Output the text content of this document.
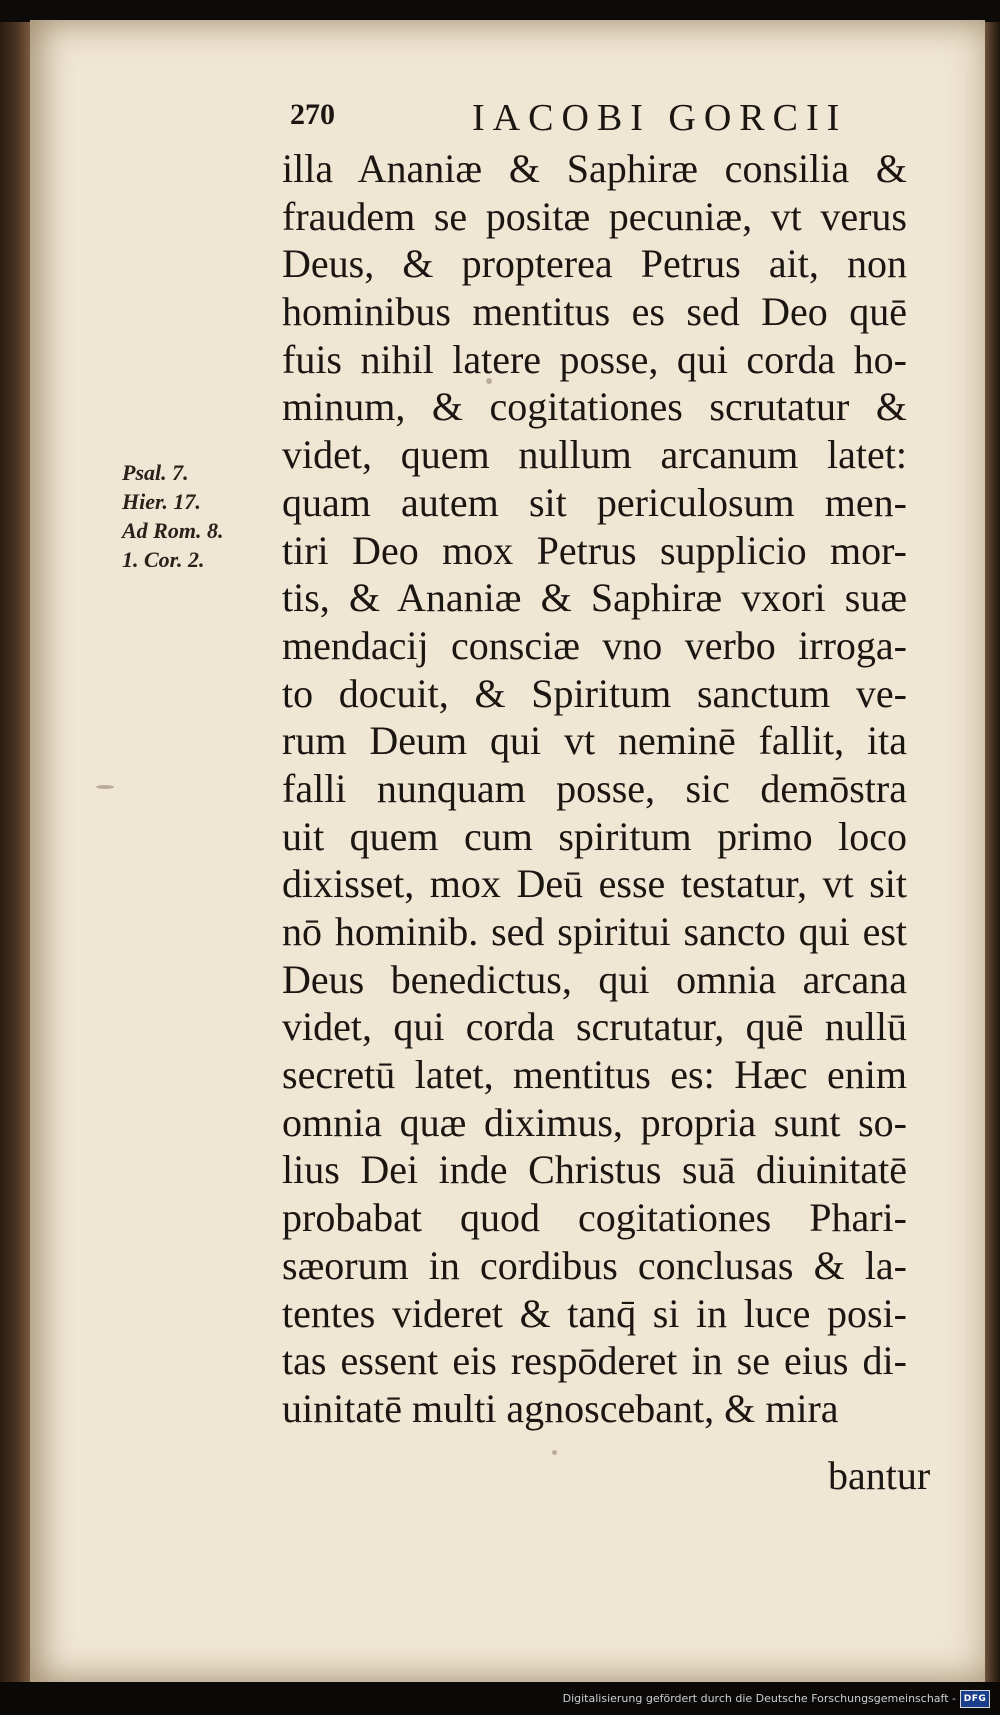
270	IACOBI GORCII
Psal. 7.
Hier. 17.
Ad Rom. 8.
1. Cor. 2.
illa Ananiæ & Saphiræ consilia &
fraudem se positæ pecuniæ, vt verus
Deus, & propterea Petrus ait, non
hominibus mentitus es sed Deo quē
fuis nihil latere posse, qui corda ho-
minum, & cogitationes scrutatur &
videt, quem nullum arcanum latet:
quam autem sit periculosum men-
tiri Deo mox Petrus supplicio mor-
tis, & Ananiæ & Saphiræ vxori suæ
mendacij consciæ vno verbo irroga-
to docuit, & Spiritum sanctum ve-
rum Deum qui vt neminē fallit, ita
falli nunquam posse, sic demōstra
uit quem cum spiritum primo loco
dixisset, mox Deū esse testatur, vt sit
nō hominib. sed spiritui sancto qui est
Deus benedictus, qui omnia arcana
videt, qui corda scrutatur, quē nullū
secretū latet, mentitus es: Hæc enim
omnia quæ diximus, propria sunt so-
lius Dei inde Christus suā diuinitatē
probabat quod cogitationes Phari-
sæorum in cordibus conclusas & la-
tentes videret & tanq̄ si in luce posi-
tas essent eis respōderet in se eius di-
uinitatē multi agnoscebant, & mira
bantur
Digitalisierung gefördert durch die Deutsche Forschungsgemeinschaft - DFG
